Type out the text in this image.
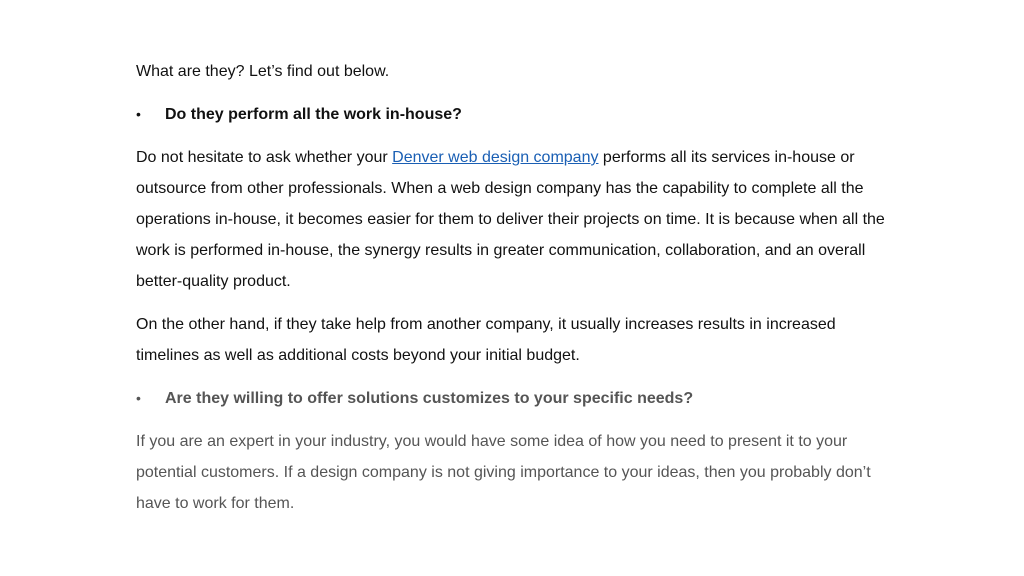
What are they? Let’s find out below.

•	Do they perform all the work in-house?

Do not hesitate to ask whether your Denver web design company performs all its services in-house or outsource from other professionals. When a web design company has the capability to complete all the operations in-house, it becomes easier for them to deliver their projects on time. It is because when all the work is performed in-house, the synergy results in greater communication, collaboration, and an overall better-quality product.

On the other hand, if they take help from another company, it usually increases results in increased timelines as well as additional costs beyond your initial budget.

•	Are they willing to offer solutions customizes to your specific needs?

If you are an expert in your industry, you would have some idea of how you need to present it to your potential customers. If a design company is not giving importance to your ideas, then you probably don’t have to work for them.
